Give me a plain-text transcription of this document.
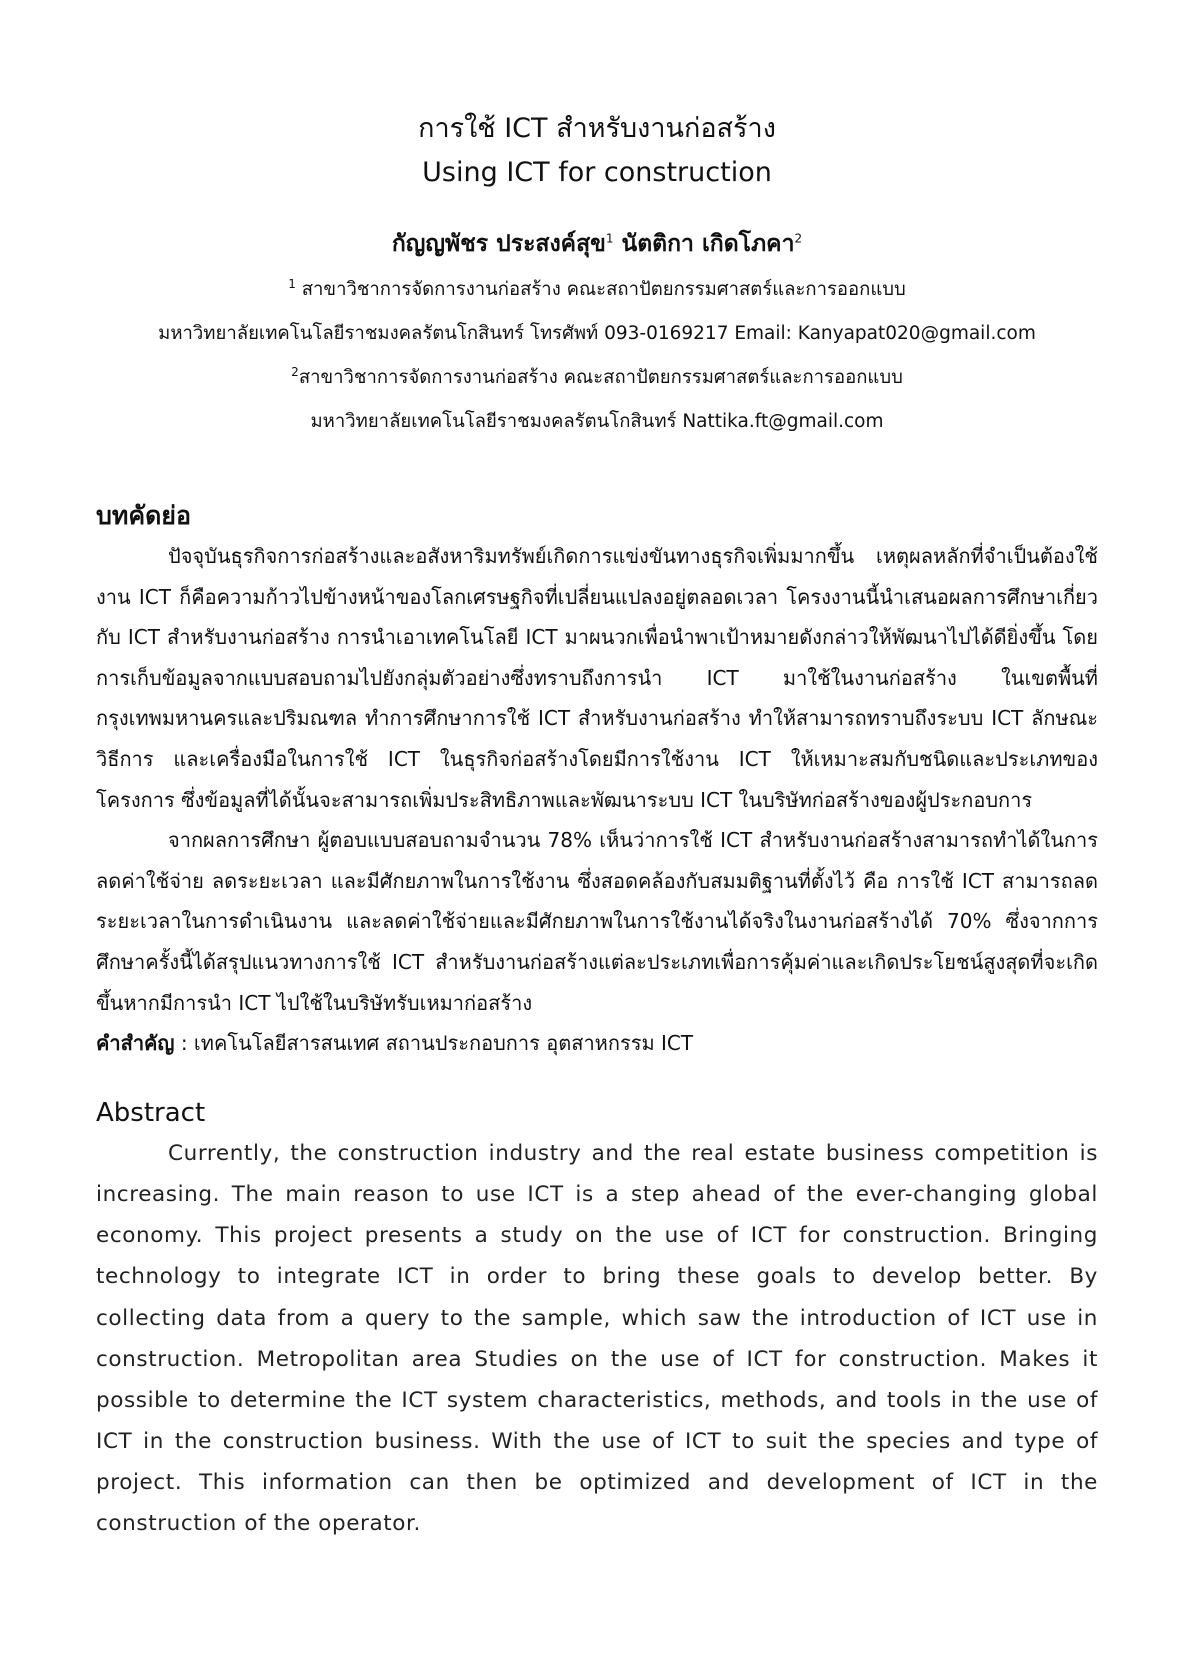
การใช้ ICT สำหรับงานก่อสร้าง
Using ICT for construction
กัญญพัชร ประสงค์สุข$^1$ นัตติกา เกิดโภคา$^2$

$^1$ สาขาวิชาการจัดการงานก่อสร้าง คณะสถาปัตยกรรมศาสตร์และการออกแบบ

มหาวิทยาลัยเทคโนโลยีราชมงคลรัตนโกสินทร์ โทรศัพท์ 093-0169217 Email: Kanyapat020@gmail.com

$^2$สาขาวิชาการจัดการงานก่อสร้าง คณะสถาปัตยกรรมศาสตร์และการออกแบบ

มหาวิทยาลัยเทคโนโลยีราชมงคลรัตนโกสินทร์ Nattika.ft@gmail.com

บทคัดย่อ

ปัจจุบันธุรกิจการก่อสร้างและอสังหาริมทรัพย์เกิดการแข่งขันทางธุรกิจเพิ่มมากขึ้น เหตุผลหลักที่จำเป็นต้องใช้งาน ICT ก็คือความก้าวไปข้างหน้าของโลกเศรษฐกิจที่เปลี่ยนแปลงอยู่ตลอดเวลา โครงงานนี้นำเสนอผลการศึกษาเกี่ยวกับ ICT สำหรับงานก่อสร้าง การนำเอาเทคโนโลยี ICT มาผนวกเพื่อนำพาเป้าหมายดังกล่าวให้พัฒนาไปได้ดียิ่งขึ้น โดยการเก็บข้อมูลจากแบบสอบถามไปยังกลุ่มตัวอย่างซึ่งทราบถึงการนำ ICT มาใช้ในงานก่อสร้าง ในเขตพื้นที่กรุงเทพมหานครและปริมณฑล ทำการศึกษาการใช้ ICT สำหรับงานก่อสร้าง ทำให้สามารถทราบถึงระบบ ICT ลักษณะ วิธีการ และเครื่องมือในการใช้ ICT ในธุรกิจก่อสร้างโดยมีการใช้งาน ICT ให้เหมาะสมกับชนิดและประเภทของโครงการ ซึ่งข้อมูลที่ได้นั้นจะสามารถเพิ่มประสิทธิภาพและพัฒนาระบบ ICT ในบริษัทก่อสร้างของผู้ประกอบการ

จากผลการศึกษา ผู้ตอบแบบสอบถามจำนวน 78% เห็นว่าการใช้ ICT สำหรับงานก่อสร้างสามารถทำได้ในการลดค่าใช้จ่าย ลดระยะเวลา และมีศักยภาพในการใช้งาน ซึ่งสอดคล้องกับสมมติฐานที่ตั้งไว้ คือ การใช้ ICT สามารถลดระยะเวลาในการดำเนินงาน และลดค่าใช้จ่ายและมีศักยภาพในการใช้งานได้จริงในงานก่อสร้างได้ 70% ซึ่งจากการศึกษาครั้งนี้ได้สรุปแนวทางการใช้ ICT สำหรับงานก่อสร้างแต่ละประเภทเพื่อการคุ้มค่าและเกิดประโยชน์สูงสุดที่จะเกิดขึ้นหากมีการนำ ICT ไปใช้ในบริษัทรับเหมาก่อสร้าง

คำสำคัญ : เทคโนโลยีสารสนเทศ สถานประกอบการ อุตสาหกรรม ICT

Abstract

Currently, the construction industry and the real estate business competition is increasing. The main reason to use ICT is a step ahead of the ever-changing global economy. This project presents a study on the use of ICT for construction. Bringing technology to integrate ICT in order to bring these goals to develop better. By collecting data from a query to the sample, which saw the introduction of ICT use in construction. Metropolitan area Studies on the use of ICT for construction. Makes it possible to determine the ICT system characteristics, methods, and tools in the use of ICT in the construction business. With the use of ICT to suit the species and type of project. This information can then be optimized and development of ICT in the construction of the operator.
